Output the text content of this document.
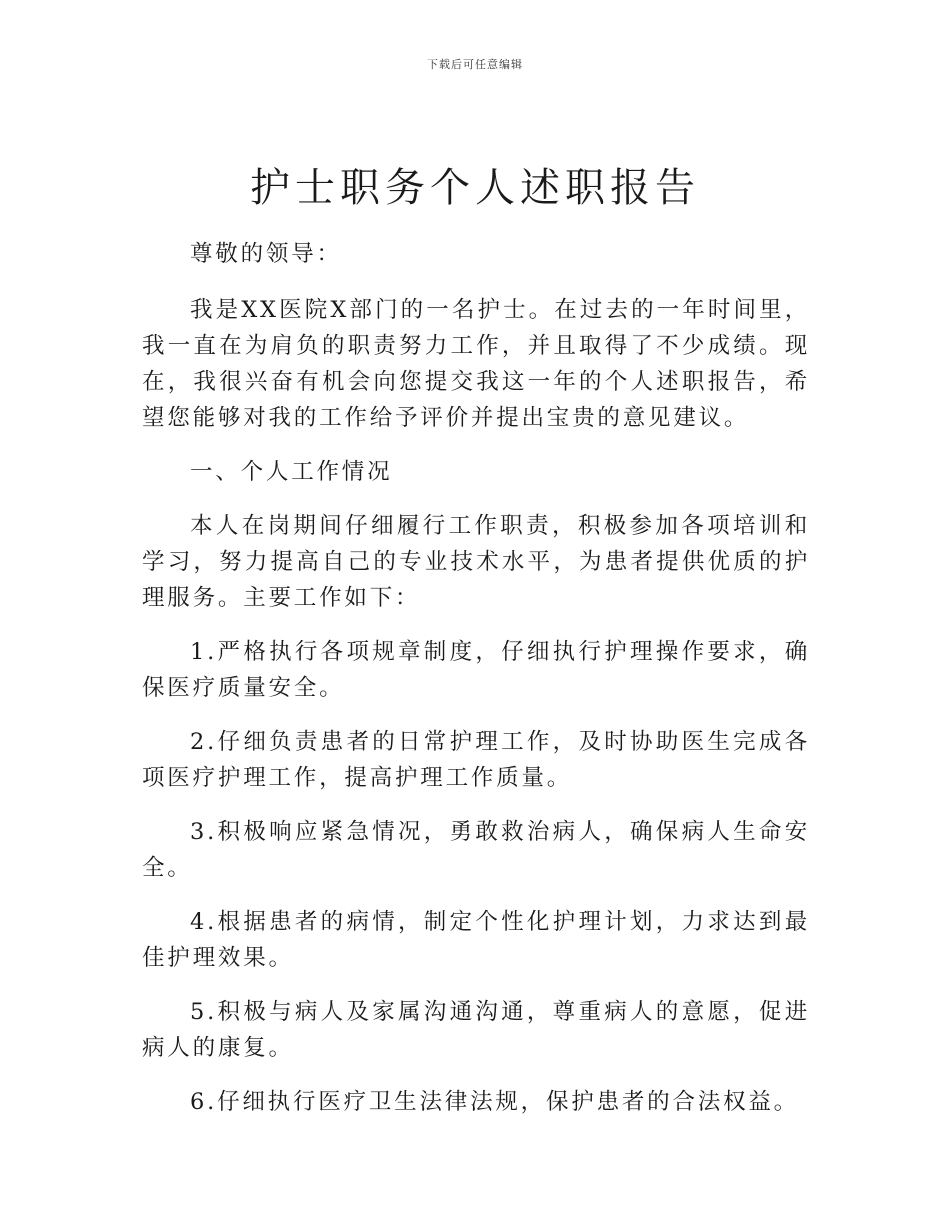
下载后可任意编辑
护士职务个人述职报告

尊敬的领导：

我是XX医院X部门的一名护士。在过去的一年时间里，我一直在为肩负的职责努力工作，并且取得了不少成绩。现在，我很兴奋有机会向您提交我这一年的个人述职报告，希望您能够对我的工作给予评价并提出宝贵的意见建议。

一、个人工作情况

本人在岗期间仔细履行工作职责，积极参加各项培训和学习，努力提高自己的专业技术水平，为患者提供优质的护理服务。主要工作如下：

1.严格执行各项规章制度，仔细执行护理操作要求，确保医疗质量安全。

2.仔细负责患者的日常护理工作，及时协助医生完成各项医疗护理工作，提高护理工作质量。

3.积极响应紧急情况，勇敢救治病人，确保病人生命安全。

4.根据患者的病情，制定个性化护理计划，力求达到最佳护理效果。

5.积极与病人及家属沟通沟通，尊重病人的意愿，促进病人的康复。

6.仔细执行医疗卫生法律法规，保护患者的合法权益。
